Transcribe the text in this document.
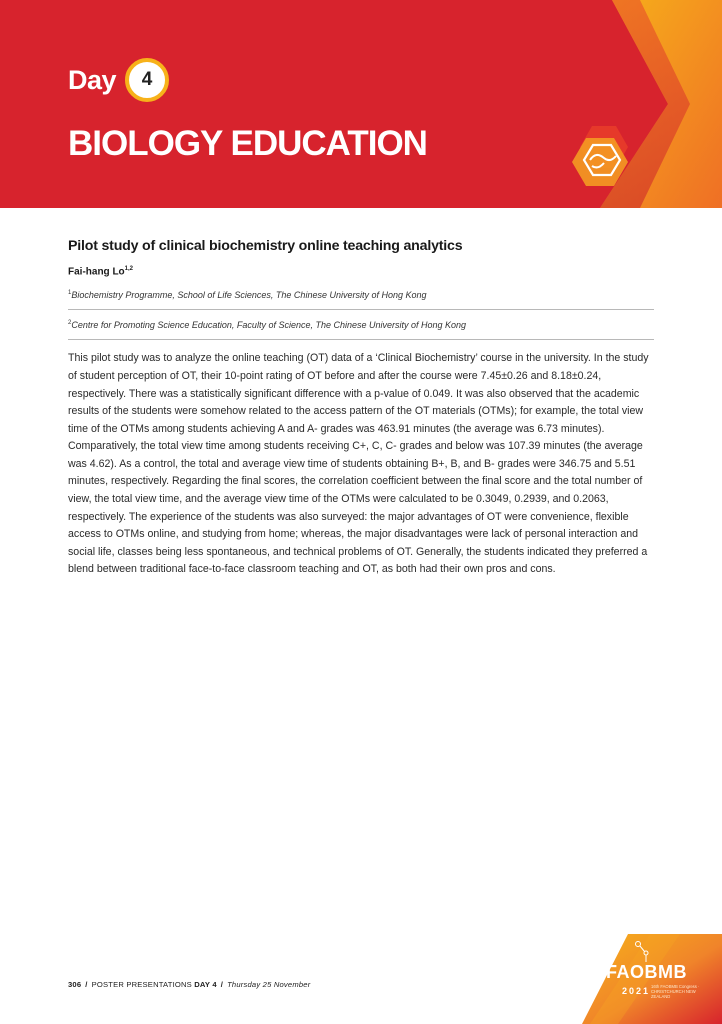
Day	4
BIOLOGY EDUCATION
Pilot study of clinical biochemistry online teaching analytics
Fai-hang Lo$^{1,2}$
$^1$Biochemistry Programme, School of Life Sciences, The Chinese University of Hong Kong
$^2$Centre for Promoting Science Education, Faculty of Science, The Chinese University of Hong Kong

This pilot study was to analyze the online teaching (OT) data of a ‘Clinical Biochemistry’ course in the university. In the study of student perception of OT, their 10-point rating of OT before and after the course were 7.45±0.26 and 8.18±0.24, respectively. There was a statistically significant difference with a p-value of 0.049. It was also observed that the academic results of the students were somehow related to the access pattern of the OT materials (OTMs); for example, the total view time of the OTMs among students achieving A and A- grades was 463.91 minutes (the average was 6.73 minutes). Comparatively, the total view time among students receiving C+, C, C- grades and below was 107.39 minutes (the average was 4.62). As a control, the total and average view time of students obtaining B+, B, and B- grades were 346.75 and 5.51 minutes, respectively. Regarding the final scores, the correlation coefficient between the final score and the total number of view, the total view time, and the average view time of the OTMs were calculated to be 0.3049, 0.2939, and 0.2063, respectively. The experience of the students was also surveyed: the major advantages of OT were convenience, flexible access to OTMs online, and studying from home; whereas, the major disadvantages were lack of personal interaction and social life, classes being less spontaneous, and technical problems of OT. Generally, the students indicated they preferred a blend between traditional face-to-face classroom teaching and OT, as both had their own pros and cons.

306 / POSTER PRESENTATIONS DAY 4 / Thursday 25 November
FAOBMB
2021 16th FAOBMB Congress · CHRISTCHURCH NEW ZEALAND
